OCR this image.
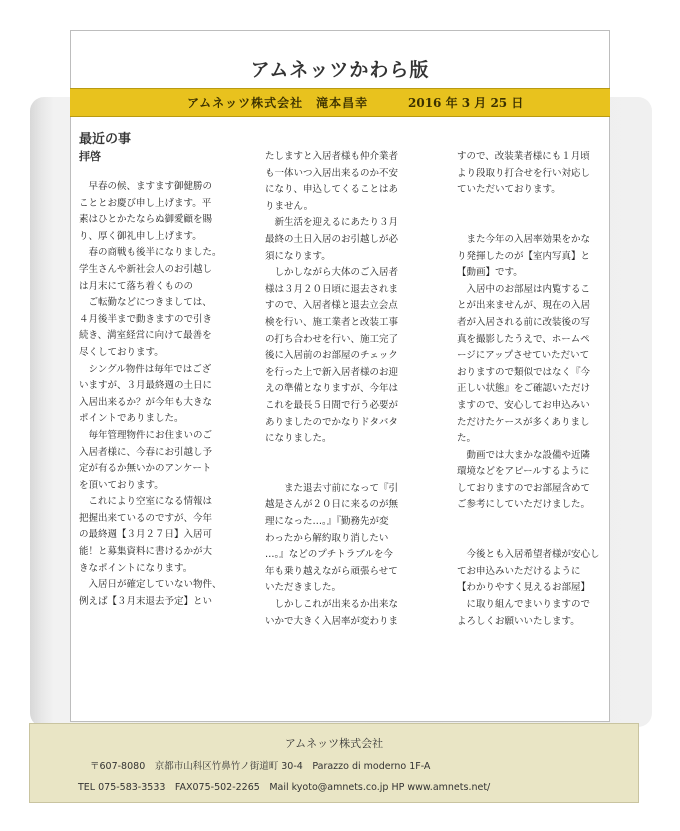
アムネッツかわら版
アムネッツ株式会社　滝本昌幸	2016 年 3 月 25 日
最近の事
拝啓
　早春の候、ますます御健勝の
こととお慶び申し上げます。平
素はひとかたならぬ御愛顧を賜
り、厚く御礼申し上げます。
　春の商戦も後半になりました。
学生さんや新社会人のお引越し
は月末にて落ち着くものの
　ご転勤などにつきましては、
４月後半まで動きますので引き
続き、満室経営に向けて最善を
尽くしております。
　シングル物件は毎年ではござ
いますが、３月最終週の土日に
入居出来るか？が今年も大きな
ポイントでありました。
　毎年管理物件にお住まいのご
入居者様に、今春にお引越し予
定が有るか無いかのアンケート
を頂いております。
　これにより空室になる情報は
把握出来ているのですが、今年
の最終週【３月２７日】入居可
能！と募集資料に書けるかが大
きなポイントになります。
　入居日が確定していない物件、
例えば【３月末退去予定】とい
たしますと入居者様も仲介業者
も一体いつ入居出来るのか不安
になり、申込してくることはあ
りません。
　新生活を迎えるにあたり３月
最終の土日入居のお引越しが必
須になります。
　しかしながら大体のご入居者
様は３月２０日頃に退去されま
すので、入居者様と退去立会点
検を行い、施工業者と改装工事
の打ち合わせを行い、施工完了
後に入居前のお部屋のチェック
を行った上で新入居者様のお迎
えの準備となりますが、今年は
これを最長５日間で行う必要が
ありましたのでかなりドタバタ
になりました。
　　また退去寸前になって『引
越是さんが２０日に来るのが無
理になった…。』『勤務先が変
わったから解約取り消したい
…。』などのプチトラブルを今
年も乗り越えながら頑張らせて
いただきました。
　しかしこれが出来るか出来な
いかで大きく入居率が変わりま
すので、改装業者様にも１月頃
より段取り打合せを行い対応し
ていただいております。
　また今年の入居率効果をかな
り発揮したのが【室内写真】と
【動画】です。
　入居中のお部屋は内覧するこ
とが出来ませんが、現在の入居
者が入居される前に改装後の写
真を撮影したうえで、ホームペ
ージにアップさせていただいて
おりますので類似ではなく『今
正しい状態』をご確認いただけ
ますので、安心してお申込みい
ただけたケースが多くありまし
た。
　動画では大まかな設備や近隣
環境などをアピールするように
しておりますのでお部屋含めて
ご参考にしていただけました。
　今後とも入居希望者様が安心し
てお申込みいただけるように
【わかりやすく見えるお部屋】
　に取り組んでまいりますので
よろしくお願いいたします。
アムネッツ株式会社
〒607-8080　京都市山科区竹鼻竹ノ街道町 30-4　Parazzo di moderno 1F-A
TEL 075-583-3533　FAX075-502-2265　Mail kyoto@amnets.co.jp HP www.amnets.net/
